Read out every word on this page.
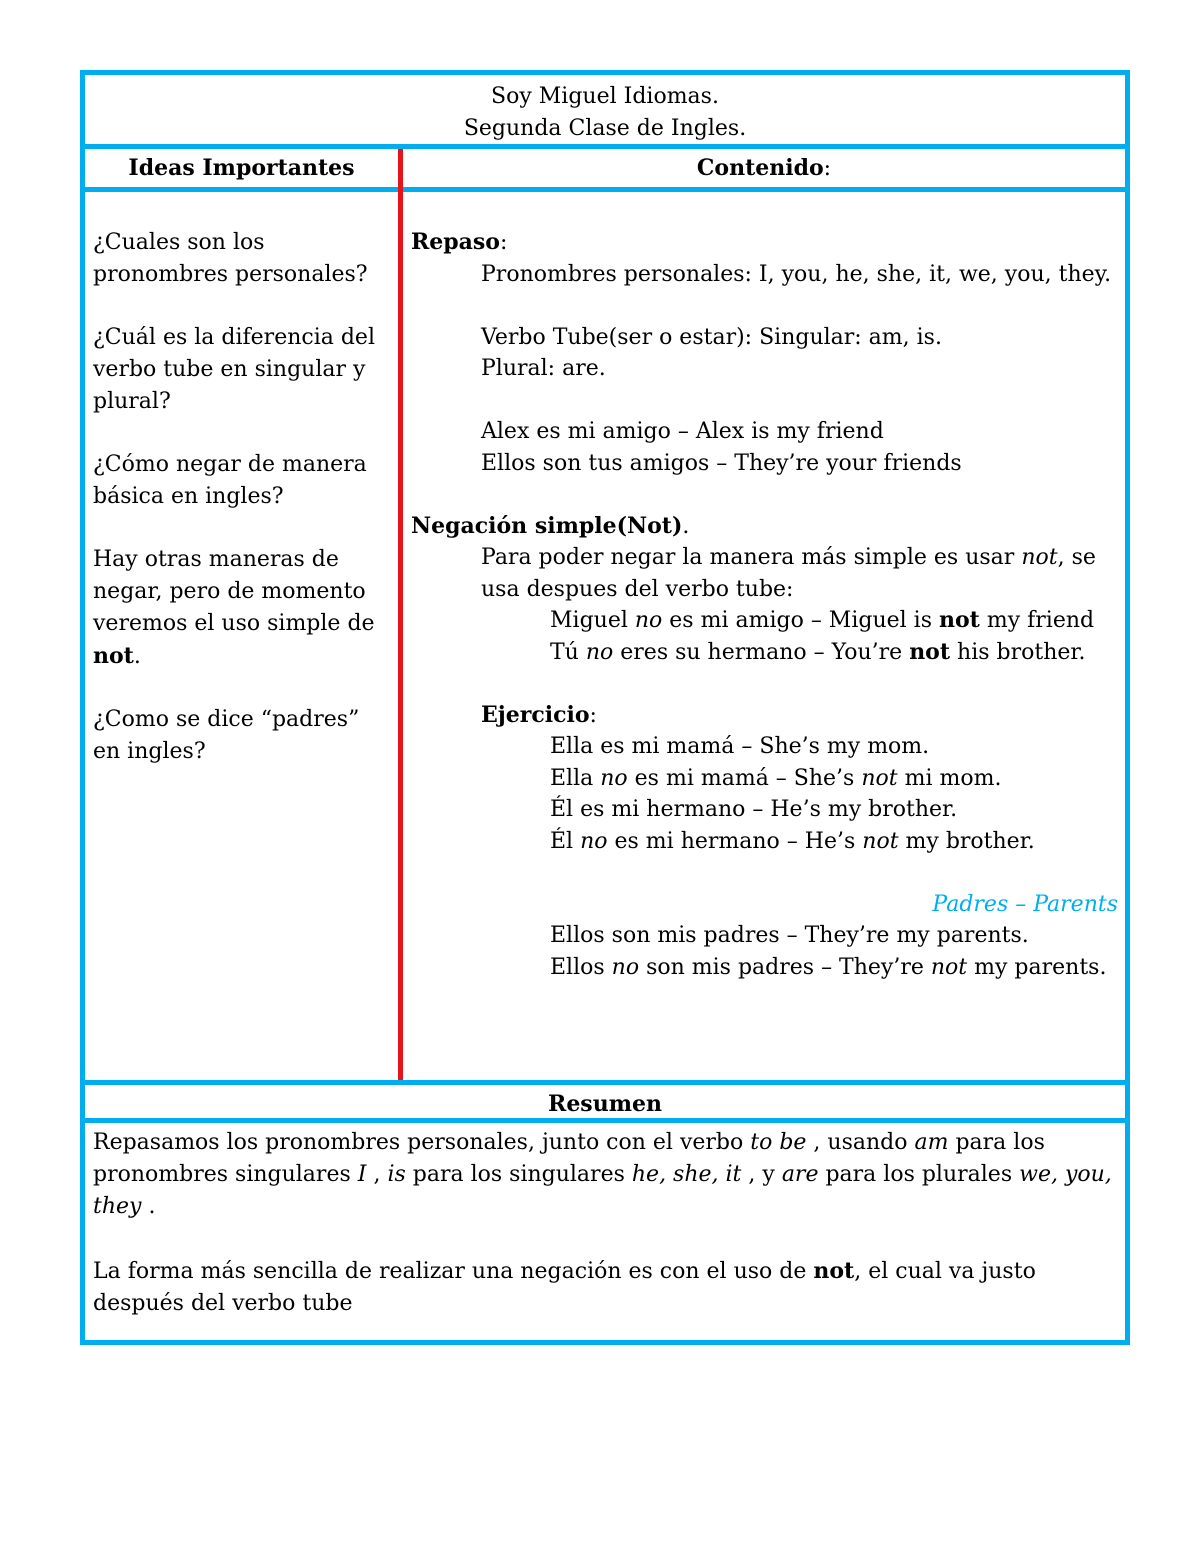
Soy Miguel Idiomas.
Segunda Clase de Ingles.
Ideas Importantes	Contenido:

¿Cuales son los pronombres personales?

¿Cuál es la diferencia del verbo tube en singular y plural?

¿Cómo negar de manera básica en ingles?

Hay otras maneras de negar, pero de momento veremos el uso simple de not.

¿Como se dice “padres” en ingles?

Repaso:
Pronombres personales: I, you, he, she, it, we, you, they.
Verbo Tube(ser o estar): Singular: am, is.
Plural: are.
Alex es mi amigo – Alex is my friend
Ellos son tus amigos – They’re your friends
Negación simple(Not).
Para poder negar la manera más simple es usar not, se
usa despues del verbo tube:
Miguel no es mi amigo – Miguel is not my friend
Tú no eres su hermano – You’re not his brother.
Ejercicio:
Ella es mi mamá – She’s my mom.
Ella no es mi mamá – She’s not mi mom.
Él es mi hermano – He’s my brother.
Él no es mi hermano – He’s not my brother.
Padres – Parents
Ellos son mis padres – They’re my parents.
Ellos no son mis padres – They’re not my parents.
Resumen

Repasamos los pronombres personales, junto con el verbo to be , usando am para los pronombres singulares I , is para los singulares he, she, it , y are para los plurales we, you, they .

La forma más sencilla de realizar una negación es con el uso de not, el cual va justo después del verbo tube
